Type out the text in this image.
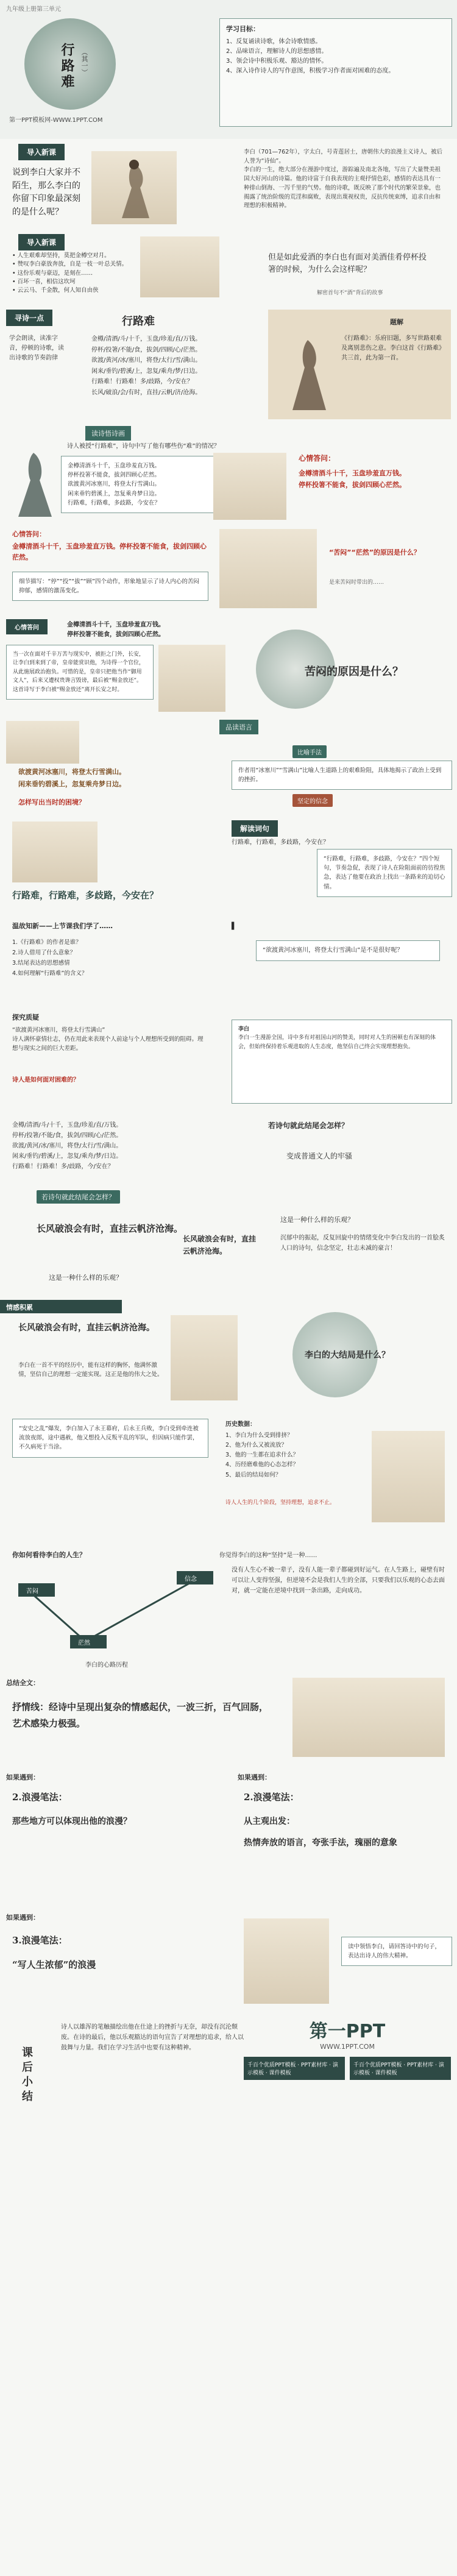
九年级上册第三单元
行路难 （其一）
第一PPT模板网-WWW.1PPT.COM
学习目标：
1、反复诵读诗歌，体会诗歌情感。
2、品味语言，理解诗人的思想感情。
3、领会诗中积极乐观、豁达的情怀。
4、深入诗作诗人的写作意图，积极学习作者面对困难的态度。
导入新课
说到李白大家并不陌生，那么李白的你留下印象最深刻的是什么呢？
李白（701—762年），字太白，号青莲居士，唐朝伟大的浪漫主义诗人，被后人誉为“诗仙”。
李白的一生，绝大部分在漫游中度过，游踪遍及南北各地，写出了大量赞美祖国大好河山的诗篇。他的诗富于自我表现的主观抒情色彩，感情的表达具有一种排山倒海、一泻千里的气势。他的诗歌，既反映了那个时代的繁荣景象，也揭露了统治阶级的荒淫和腐败，表现出蔑视权贵，反抗传统束缚，追求自由和理想的积极精神。
导入新课
• 人生艰难却坚持，莫把金樽空对月。
• 赞叹李白豪放奔放，自是一枝一叶总关情。
• 这份乐观与豪迈，是刻在……
• 百坏一喜，相信这坎坷
• 云云马、千金散，何人知自由侠
但是如此爱酒的李白也有面对美酒佳肴停杯投箸的时候，为什么会这样呢？
解密首句不“酒”背后的故事
寻诗一点
学会朗读，读准字音，停顿的诗歌，读出诗歌的节奏韵律
行路难
金樽/清酒/斗/十千，玉盘/珍羞/直/万钱。
停杯/投箸/不能/食，拔剑/四顾/心/茫然。
欲渡/黄河/冰/塞川，将登/太行/雪/满山。
闲来/垂钓/碧溪/上，忽复/乘舟/梦/日边。
行路难！行路难！多/歧路，今/安在？
长风/破浪/会/有时，直挂/云帆/济/沧海。
题解
《行路难》：乐府旧题，多写世路艰难及离别悲伤之意。李白这首《行路难》共三首，此为第一首。
读诗悟诗画
诗人被授“行路难”，诗句中写了他有哪些伤“难”的情况？
金樽清酒斗十千，玉盘珍羞直万钱。
停杯投箸不能食，拔剑四顾心茫然。
欲渡黄河冰塞川，将登太行雪满山。
闲来垂钓碧溪上，忽复乘舟梦日边。
行路难，行路难，多歧路，今安在？
心情答问：
金樽清酒斗十千，玉盘珍羞直万钱。
停杯投箸不能食，拔剑四顾心茫然。
心情答问：
金樽清酒斗十千，玉盘珍羞直万钱。停杯投箸不能食，拔剑四顾心茫然。
细节描写：“停”“投”“拔”“顾”四个动作，形象地显示了诗人内心的苦闷抑郁，感情的激荡变化。
“苦闷”“茫然”的原因是什么？
是来苦闷时带出的……
心情答问	金樽清酒斗十千，玉盘珍羞直万钱。
停杯投箸不能食，拔剑四顾心茫然。
当一次在面对千辛万苦与现实中，被拒之门外，长安，
让李白到来到了帝，皇帝能赏识他，为诗得一个官位，从此施展政治抱负。可惜的是，皇帝只把他当作“御用文人”，后来又遭权贵谗言毁谤，最后被“赐金放还”。这首诗写于李白被“赐金放还”离开长安之时。
苦闷的原因是什么？
欲渡黄河冰塞川，将登太行雪满山。
闲来垂钓碧溪上，忽复乘舟梦日边。
怎样写出当时的困境？
品读语言
比喻手法
作者用“冰塞川”“雪满山”比喻人生道路上的艰难险阻，具体地揭示了政治上受到的挫折。
坚定的信念
解读词句
行路难，行路难，多歧路，今安在？
行路难，行路难，多歧路，今安在？
“行路难，行路难，多歧路，今安在？”四个短句，节奏急促，表现了诗人在险阻面前的彷徨焦急，表达了他要在政治上找出一条路来的迫切心情。
温故知新——上节课我们学了……
1.《行路难》的作者是谁？
2.诗人借用了什么意象？
3.结尾表达的思想感情
4.如何理解“行路难”的含义？
“欲渡黄河冰塞川，将登太行雪满山”是不是很好呢？
▌
探究质疑
“欲渡黄河冰塞川，将登太行雪满山”
诗人满怀豪情壮志，仍在用此来表现个人前途与个人理想所受到的阻碍。理想与现实之间的巨大差距。
诗人是如何面对困难的？
李白
李白一生漫游全国，诗中多有对祖国山河的赞美，同时对人生的困顿也有深刻的体会，但始终保持着乐观进取的人生态度，他坚信自己终会实现理想抱负。
金樽/清酒/斗/十千，玉盘/珍羞/直/万钱。
停杯/投箸/不能/食，拔剑/四顾/心/茫然。
欲渡/黄河/冰/塞川，将登/太行/雪/满山。
闲来/垂钓/碧溪/上，忽复/乘舟/梦/日边。
行路难！行路难！多/歧路，今/安在？
若诗句就此结尾会怎样？
若诗句就此结尾会怎样？
变成普通文人的牢骚
长风破浪会有时，直挂云帆济沧海。
这是一种什么样的乐观？
长风破浪会有时，直挂云帆济沧海。
这是一种什么样的乐观？
沉郁中的振起，反复回旋中的情绪变化中李白发出的一首脍炙人口的诗句，信念坚定，壮志未减的豪言！
情感积累
长风破浪会有时，直挂云帆济沧海。
李白在一首不平的经历中，能有这样的胸怀，他满怀激情，坚信自己的理想一定能实现。这正是他的伟大之处。
李白的大结局是什么？
“安史之乱”爆发，李白加入了永王幕府，后永王兵败，李白受到牵连被流放夜郎，途中遇赦，他又想投入反叛平乱的军队，但因病只能作罢，不久病死于当涂。
历史数据：
1、李白为什么受到排挤？
2、他为什么又被流放？
3、他的一生都在追求什么？
4、历经磨难他的心态怎样？
5、最后的结局如何？
诗人人生的几个阶段，坚持理想，追求不止。
你如何看待李白的人生？	你觉得李白的这种“坚持”是一种……
没有人生心不被一辈子，没有人能一辈子都碰到好运气。在人生路上，碰壁有时可以让人变得坚强，但逆境不会是我们人生的全部，只要我们以乐观的心态去面对，就一定能在逆境中找到一条出路，走向成功。
苦闷
茫然
信念
李白的心路历程
总结全文：
抒情线：经诗中呈现出复杂的情感起伏，一波三折，百气回肠，艺术感染力极强。
如果遇到：
2.浪漫笔法：
那些地方可以体现出他的浪漫？
如果遇到：
2.浪漫笔法：
从主观出发：
热情奔放的语言，夸张手法，瑰丽的意象
如果遇到：
3.浪漫笔法：
“写人生浓郁”的浪漫
读中领悟李白，请回答诗中的句子，表达出诗人的伟大精神。
课后小结
诗人以雄浑的笔触描绘出他在仕途上的挫折与无奈，却没有沉沦颓废。在诗的最后，他以乐观豁达的语句宣告了对理想的追求，给人以鼓舞与力量。我们在学习生活中也要有这种精神。
第一PPT
WWW.1PPT.COM
千百个优质PPT模板 · PPT素材库 · 演示模板 · 课件模板
千百个优质PPT模板 · PPT素材库 · 演示模板 · 课件模板
